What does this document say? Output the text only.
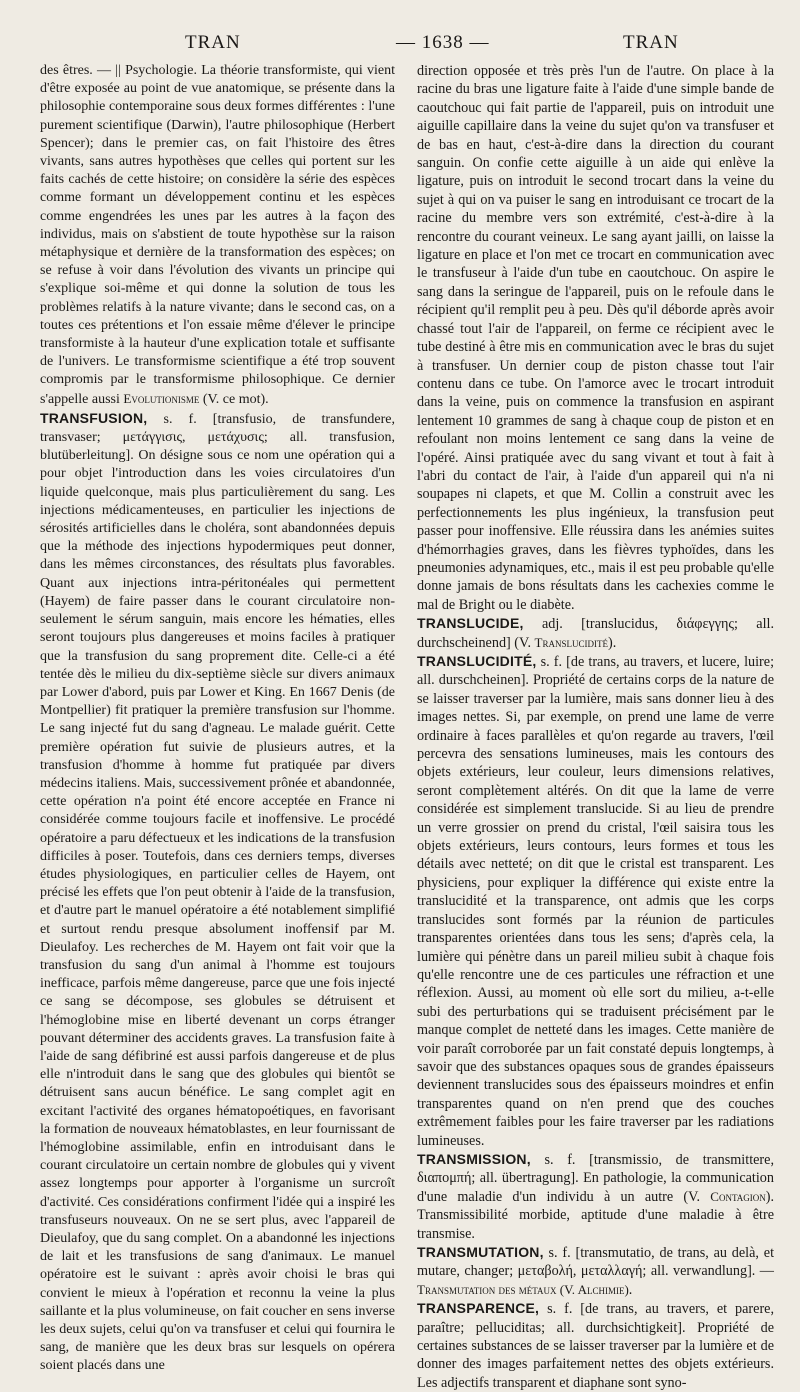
TRAN	— 1638 —	TRAN

des êtres. — || Psychologie. La théorie transformiste, qui vient d'être exposée au point de vue anatomique, se présente dans la philosophie contemporaine sous deux formes différentes : l'une purement scientifique (Darwin), l'autre philosophique (Herbert Spencer); dans le premier cas, on fait l'histoire des êtres vivants, sans autres hypothèses que celles qui portent sur les faits cachés de cette histoire; on considère la série des espèces comme formant un développement continu et les espèces comme engendrées les unes par les autres à la façon des individus, mais on s'abstient de toute hypothèse sur la raison métaphysique et dernière de la transformation des espèces; on se refuse à voir dans l'évolution des vivants un principe qui s'explique soi-même et qui donne la solution de tous les problèmes relatifs à la nature vivante; dans le second cas, on a toutes ces prétentions et l'on essaie même d'élever le principe transformiste à la hauteur d'une explication totale et suffisante de l'univers. Le transformisme scientifique a été trop souvent compromis par le transformisme philosophique. Ce dernier s'appelle aussi Evolutionisme (V. ce mot).

TRANSFUSION, s. f. [transfusio, de transfundere, transvaser; μετάγγισις, μετάχυσις; all. transfusion, blutüberleitung]. On désigne sous ce nom une opération qui a pour objet l'introduction dans les voies circulatoires d'un liquide quelconque, mais plus particulièrement du sang. Les injections médicamenteuses, en particulier les injections de sérosités artificielles dans le choléra, sont abandonnées depuis que la méthode des injections hypodermiques peut donner, dans les mêmes circonstances, des résultats plus favorables. Quant aux injections intra-péritonéales qui permettent (Hayem) de faire passer dans le courant circulatoire non-seulement le sérum sanguin, mais encore les hématies, elles seront toujours plus dangereuses et moins faciles à pratiquer que la transfusion du sang proprement dite. Celle-ci a été tentée dès le milieu du dix-septième siècle sur divers animaux par Lower d'abord, puis par Lower et King. En 1667 Denis (de Montpellier) fit pratiquer la première transfusion sur l'homme. Le sang injecté fut du sang d'agneau. Le malade guérit. Cette première opération fut suivie de plusieurs autres, et la transfusion d'homme à homme fut pratiquée par divers médecins italiens. Mais, successivement prônée et abandonnée, cette opération n'a point été encore acceptée en France ni considérée comme toujours facile et inoffensive. Le procédé opératoire a paru défectueux et les indications de la transfusion difficiles à poser. Toutefois, dans ces derniers temps, diverses études physiologiques, en particulier celles de Hayem, ont précisé les effets que l'on peut obtenir à l'aide de la transfusion, et d'autre part le manuel opératoire a été notablement simplifié et surtout rendu presque absolument inoffensif par M. Dieulafoy. Les recherches de M. Hayem ont fait voir que la transfusion du sang d'un animal à l'homme est toujours inefficace, parfois même dangereuse, parce que une fois injecté ce sang se décompose, ses globules se détruisent et l'hémoglobine mise en liberté devenant un corps étranger pouvant déterminer des accidents graves. La transfusion faite à l'aide de sang défibriné est aussi parfois dangereuse et de plus elle n'introduit dans le sang que des globules qui bientôt se détruisent sans aucun bénéfice. Le sang complet agit en excitant l'activité des organes hématopoétiques, en favorisant la formation de nouveaux hématoblastes, en leur fournissant de l'hémoglobine assimilable, enfin en introduisant dans le courant circulatoire un certain nombre de globules qui y vivent assez longtemps pour apporter à l'organisme un surcroît d'activité. Ces considérations confirment l'idée qui a inspiré les transfuseurs nouveaux. On ne se sert plus, avec l'appareil de Dieulafoy, que du sang complet. On a abandonné les injections de lait et les transfusions de sang d'animaux. Le manuel opératoire est le suivant : après avoir choisi le bras qui convient le mieux à l'opération et reconnu la veine la plus saillante et la plus volumineuse, on fait coucher en sens inverse les deux sujets, celui qu'on va transfuser et celui qui fournira le sang, de manière que les deux bras sur lesquels on opérera soient placés dans une

direction opposée et très près l'un de l'autre. On place à la racine du bras une ligature faite à l'aide d'une simple bande de caoutchouc qui fait partie de l'appareil, puis on introduit une aiguille capillaire dans la veine du sujet qu'on va transfuser et de bas en haut, c'est-à-dire dans la direction du courant sanguin. On confie cette aiguille à un aide qui enlève la ligature, puis on introduit le second trocart dans la veine du sujet à qui on va puiser le sang en introduisant ce trocart de la racine du membre vers son extrémité, c'est-à-dire à la rencontre du courant veineux. Le sang ayant jailli, on laisse la ligature en place et l'on met ce trocart en communication avec le transfuseur à l'aide d'un tube en caoutchouc. On aspire le sang dans la seringue de l'appareil, puis on le refoule dans le récipient qu'il remplit peu à peu. Dès qu'il déborde après avoir chassé tout l'air de l'appareil, on ferme ce récipient avec le tube destiné à être mis en communication avec le bras du sujet à transfuser. Un dernier coup de piston chasse tout l'air contenu dans ce tube. On l'amorce avec le trocart introduit dans la veine, puis on commence la transfusion en aspirant lentement 10 grammes de sang à chaque coup de piston et en refoulant non moins lentement ce sang dans la veine de l'opéré. Ainsi pratiquée avec du sang vivant et tout à fait à l'abri du contact de l'air, à l'aide d'un appareil qui n'a ni soupapes ni clapets, et que M. Collin a construit avec les perfectionnements les plus ingénieux, la transfusion peut passer pour inoffensive. Elle réussira dans les anémies suites d'hémorrhagies graves, dans les fièvres typhoïdes, dans les pneumonies adynamiques, etc., mais il est peu probable qu'elle donne jamais de bons résultats dans les cachexies comme le mal de Bright ou le diabète.

TRANSLUCIDE, adj. [translucidus, διάφεγγης; all. durchscheinend] (V. Translucidité).

TRANSLUCIDITÉ, s. f. [de trans, au travers, et lucere, luire; all. durschcheinen]. Propriété de certains corps de la nature de se laisser traverser par la lumière, mais sans donner lieu à des images nettes. Si, par exemple, on prend une lame de verre ordinaire à faces parallèles et qu'on regarde au travers, l'œil percevra des sensations lumineuses, mais les contours des objets extérieurs, leur couleur, leurs dimensions relatives, seront complètement altérés. On dit que la lame de verre considérée est simplement translucide. Si au lieu de prendre un verre grossier on prend du cristal, l'œil saisira tous les objets extérieurs, leurs contours, leurs formes et tous les détails avec netteté; on dit que le cristal est transparent. Les physiciens, pour expliquer la différence qui existe entre la translucidité et la transparence, ont admis que les corps translucides sont formés par la réunion de particules transparentes orientées dans tous les sens; d'après cela, la lumière qui pénètre dans un pareil milieu subit à chaque fois qu'elle rencontre une de ces particules une réfraction et une réflexion. Aussi, au moment où elle sort du milieu, a-t-elle subi des perturbations qui se traduisent précisément par le manque complet de netteté dans les images. Cette manière de voir paraît corroborée par un fait constaté depuis longtemps, à savoir que des substances opaques sous de grandes épaisseurs deviennent translucides sous des épaisseurs moindres et enfin transparentes quand on n'en prend que des couches extrêmement faibles pour les faire traverser par les radiations lumineuses.

TRANSMISSION, s. f. [transmissio, de transmittere, διαπομπή; all. übertragung]. En pathologie, la communication d'une maladie d'un individu à un autre (V. Contagion). Transmissibilité morbide, aptitude d'une maladie à être transmise.

TRANSMUTATION, s. f. [transmutatio, de trans, au delà, et mutare, changer; μεταβολή, μεταλλαγή; all. verwandlung]. — Transmutation des métaux (V. Alchimie).

TRANSPARENCE, s. f. [de trans, au travers, et parere, paraître; pelluciditas; all. durchsichtigkeit]. Propriété de certaines substances de se laisser traverser par la lumière et de donner des images parfaitement nettes des objets extérieurs. Les adjectifs transparent et diaphane sont syno-
